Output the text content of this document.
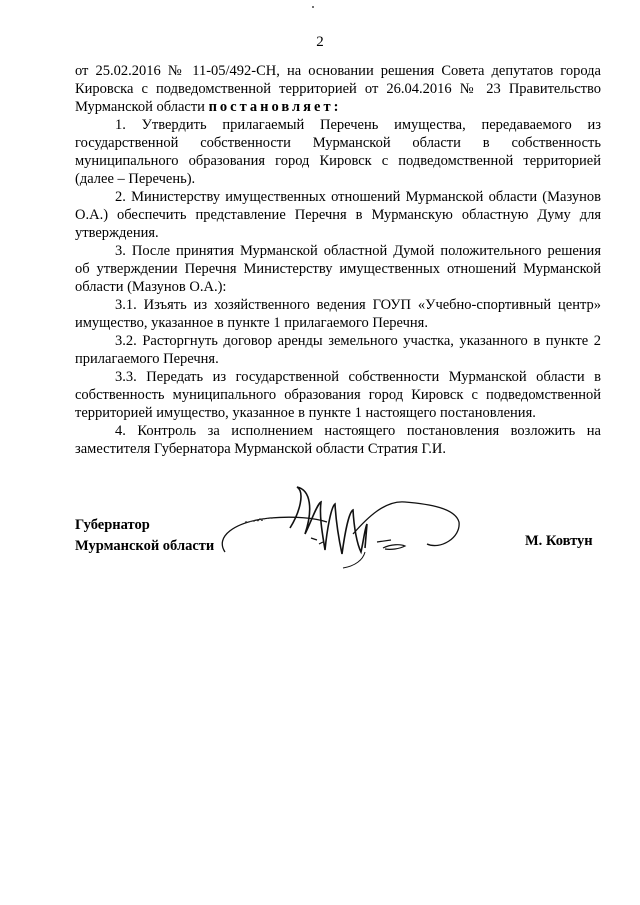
2

от 25.02.2016 № 11-05/492-СН, на основании решения Совета депутатов города Кировска с подведомственной территорией от 26.04.2016 № 23 Правительство Мурманской области постановляет:

1. Утвердить прилагаемый Перечень имущества, передаваемого из государственной собственности Мурманской области в собственность муниципального образования город Кировск с подведомственной территорией (далее – Перечень).

2. Министерству имущественных отношений Мурманской области (Мазунов О.А.) обеспечить представление Перечня в Мурманскую областную Думу для утверждения.

3. После принятия Мурманской областной Думой положительного решения об утверждении Перечня Министерству имущественных отношений Мурманской области (Мазунов О.А.):

3.1. Изъять из хозяйственного ведения ГОУП «Учебно-спортивный центр» имущество, указанное в пункте 1 прилагаемого Перечня.

3.2. Расторгнуть договор аренды земельного участка, указанного в пункте 2 прилагаемого Перечня.

3.3. Передать из государственной собственности Мурманской области в собственность муниципального образования город Кировск с подведомственной территорией имущество, указанное в пункте 1 настоящего постановления.

4. Контроль за исполнением настоящего постановления возложить на заместителя Губернатора Мурманской области Стратия Г.И.

Губернатор
Мурманской области	М. Ковтун
